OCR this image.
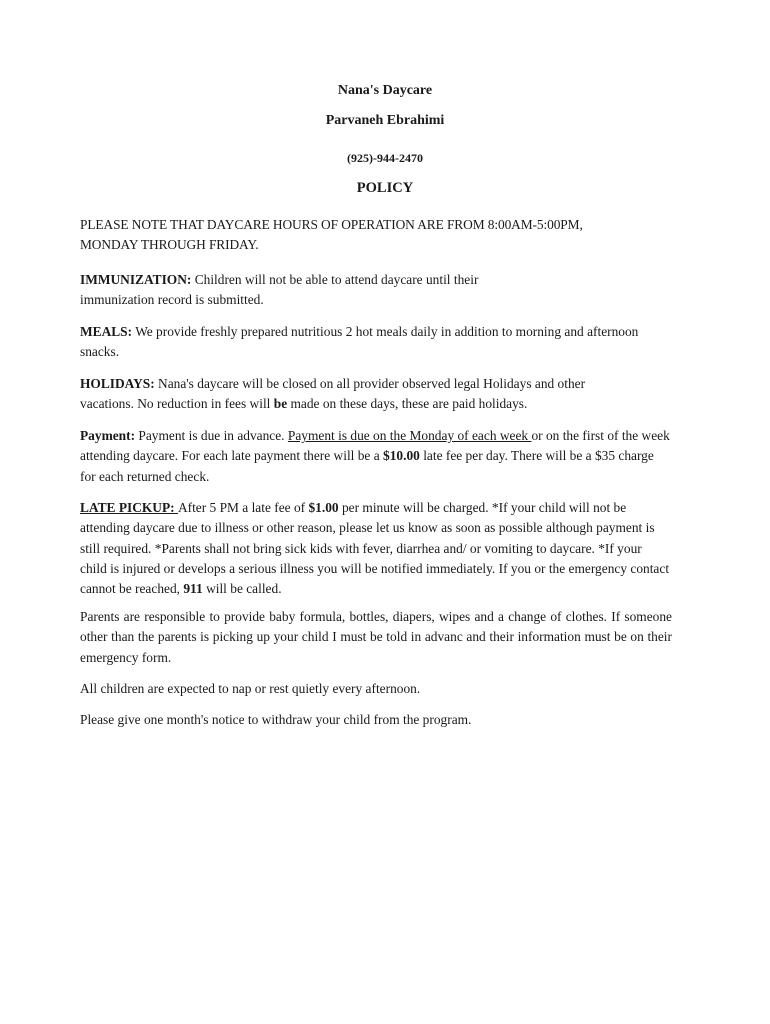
Nana's Daycare
Parvaneh Ebrahimi
(925)-944-2470
POLICY
PLEASE NOTE THAT DAYCARE HOURS OF OPERATION ARE FROM 8:00AM-5:00PM, MONDAY THROUGH FRIDAY.
IMMUNIZATION: Children will not be able to attend daycare until their immunization record is submitted.
MEALS: We provide freshly prepared nutritious 2 hot meals daily in addition to morning and afternoon snacks.
HOLIDAYS: Nana's daycare will be closed on all provider observed legal Holidays and other vacations. No reduction in fees will be made on these days, these are paid holidays.
Payment: Payment is due in advance. Payment is due on the Monday of each week or on the first of the week attending daycare. For each late payment there will be a $10.00 late fee per day. There will be a $35 charge for each returned check.
LATE PICKUP: After 5 PM a late fee of $1.00 per minute will be charged. *If your child will not be attending daycare due to illness or other reason, please let us know as soon as possible although payment is still required. *Parents shall not bring sick kids with fever, diarrhea and/ or vomiting to daycare. *If your child is injured or develops a serious illness you will be notified immediately. If you or the emergency contact cannot be reached, 911 will be called.
Parents are responsible to provide baby formula, bottles, diapers, wipes and a change of clothes. If someone other than the parents is picking up your child I must be told in advanc and their information must be on their emergency form.
All children are expected to nap or rest quietly every afternoon.
Please give one month's notice to withdraw your child from the program.
